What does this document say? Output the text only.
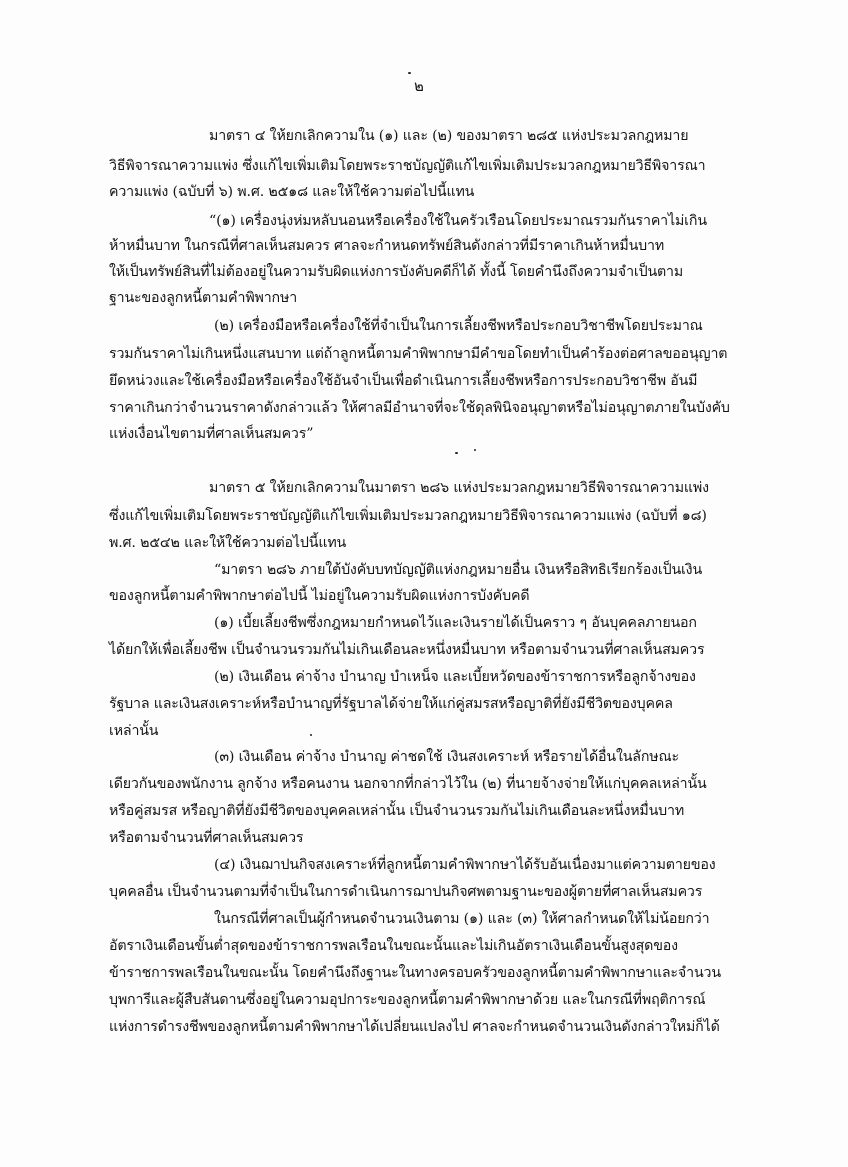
๒
มาตรา ๔ ให้ยกเลิกความใน (๑) และ (๒) ของมาตรา ๒๘๕ แห่งประมวลกฎหมาย
วิธีพิจารณาความแพ่ง ซึ่งแก้ไขเพิ่มเติมโดยพระราชบัญญัติแก้ไขเพิ่มเติมประมวลกฎหมายวิธีพิจารณา
ความแพ่ง (ฉบับที่ ๖) พ.ศ. ๒๕๑๘ และให้ใช้ความต่อไปนี้แทน
“(๑) เครื่องนุ่งห่มหลับนอนหรือเครื่องใช้ในครัวเรือนโดยประมาณรวมกันราคาไม่เกิน
ห้าหมื่นบาท ในกรณีที่ศาลเห็นสมควร ศาลจะกำหนดทรัพย์สินดังกล่าวที่มีราคาเกินห้าหมื่นบาท
ให้เป็นทรัพย์สินที่ไม่ต้องอยู่ในความรับผิดแห่งการบังคับคดีก็ได้ ทั้งนี้ โดยคำนึงถึงความจำเป็นตาม
ฐานะของลูกหนี้ตามคำพิพากษา
(๒) เครื่องมือหรือเครื่องใช้ที่จำเป็นในการเลี้ยงชีพหรือประกอบวิชาชีพโดยประมาณ
รวมกันราคาไม่เกินหนึ่งแสนบาท แต่ถ้าลูกหนี้ตามคำพิพากษามีคำขอโดยทำเป็นคำร้องต่อศาลขออนุญาต
ยึดหน่วงและใช้เครื่องมือหรือเครื่องใช้อันจำเป็นเพื่อดำเนินการเลี้ยงชีพหรือการประกอบวิชาชีพ อันมี
ราคาเกินกว่าจำนวนราคาดังกล่าวแล้ว ให้ศาลมีอำนาจที่จะใช้ดุลพินิจอนุญาตหรือไม่อนุญาตภายในบังคับ
แห่งเงื่อนไขตามที่ศาลเห็นสมควร”
มาตรา ๕ ให้ยกเลิกความในมาตรา ๒๘๖ แห่งประมวลกฎหมายวิธีพิจารณาความแพ่ง
ซึ่งแก้ไขเพิ่มเติมโดยพระราชบัญญัติแก้ไขเพิ่มเติมประมวลกฎหมายวิธีพิจารณาความแพ่ง (ฉบับที่ ๑๘)
พ.ศ. ๒๕๔๒ และให้ใช้ความต่อไปนี้แทน
“มาตรา ๒๘๖ ภายใต้บังคับบทบัญญัติแห่งกฎหมายอื่น เงินหรือสิทธิเรียกร้องเป็นเงิน
ของลูกหนี้ตามคำพิพากษาต่อไปนี้ ไม่อยู่ในความรับผิดแห่งการบังคับคดี
(๑) เบี้ยเลี้ยงชีพซึ่งกฎหมายกำหนดไว้และเงินรายได้เป็นคราว ๆ อันบุคคลภายนอก
ได้ยกให้เพื่อเลี้ยงชีพ เป็นจำนวนรวมกันไม่เกินเดือนละหนึ่งหมื่นบาท หรือตามจำนวนที่ศาลเห็นสมควร
(๒) เงินเดือน ค่าจ้าง บำนาญ บำเหน็จ และเบี้ยหวัดของข้าราชการหรือลูกจ้างของ
รัฐบาล และเงินสงเคราะห์หรือบำนาญที่รัฐบาลได้จ่ายให้แก่คู่สมรสหรือญาติที่ยังมีชีวิตของบุคคล
เหล่านั้น
(๓) เงินเดือน ค่าจ้าง บำนาญ ค่าชดใช้ เงินสงเคราะห์ หรือรายได้อื่นในลักษณะ
เดียวกันของพนักงาน ลูกจ้าง หรือคนงาน นอกจากที่กล่าวไว้ใน (๒) ที่นายจ้างจ่ายให้แก่บุคคลเหล่านั้น
หรือคู่สมรส หรือญาติที่ยังมีชีวิตของบุคคลเหล่านั้น เป็นจำนวนรวมกันไม่เกินเดือนละหนึ่งหมื่นบาท
หรือตามจำนวนที่ศาลเห็นสมควร
(๔) เงินฌาปนกิจสงเคราะห์ที่ลูกหนี้ตามคำพิพากษาได้รับอันเนื่องมาแต่ความตายของ
บุคคลอื่น เป็นจำนวนตามที่จำเป็นในการดำเนินการฌาปนกิจศพตามฐานะของผู้ตายที่ศาลเห็นสมควร
ในกรณีที่ศาลเป็นผู้กำหนดจำนวนเงินตาม (๑) และ (๓) ให้ศาลกำหนดให้ไม่น้อยกว่า
อัตราเงินเดือนขั้นต่ำสุดของข้าราชการพลเรือนในขณะนั้นและไม่เกินอัตราเงินเดือนขั้นสูงสุดของ
ข้าราชการพลเรือนในขณะนั้น โดยคำนึงถึงฐานะในทางครอบครัวของลูกหนี้ตามคำพิพากษาและจำนวน
บุพการีและผู้สืบสันดานซึ่งอยู่ในความอุปการะของลูกหนี้ตามคำพิพากษาด้วย และในกรณีที่พฤติการณ์
แห่งการดำรงชีพของลูกหนี้ตามคำพิพากษาได้เปลี่ยนแปลงไป ศาลจะกำหนดจำนวนเงินดังกล่าวใหม่ก็ได้
